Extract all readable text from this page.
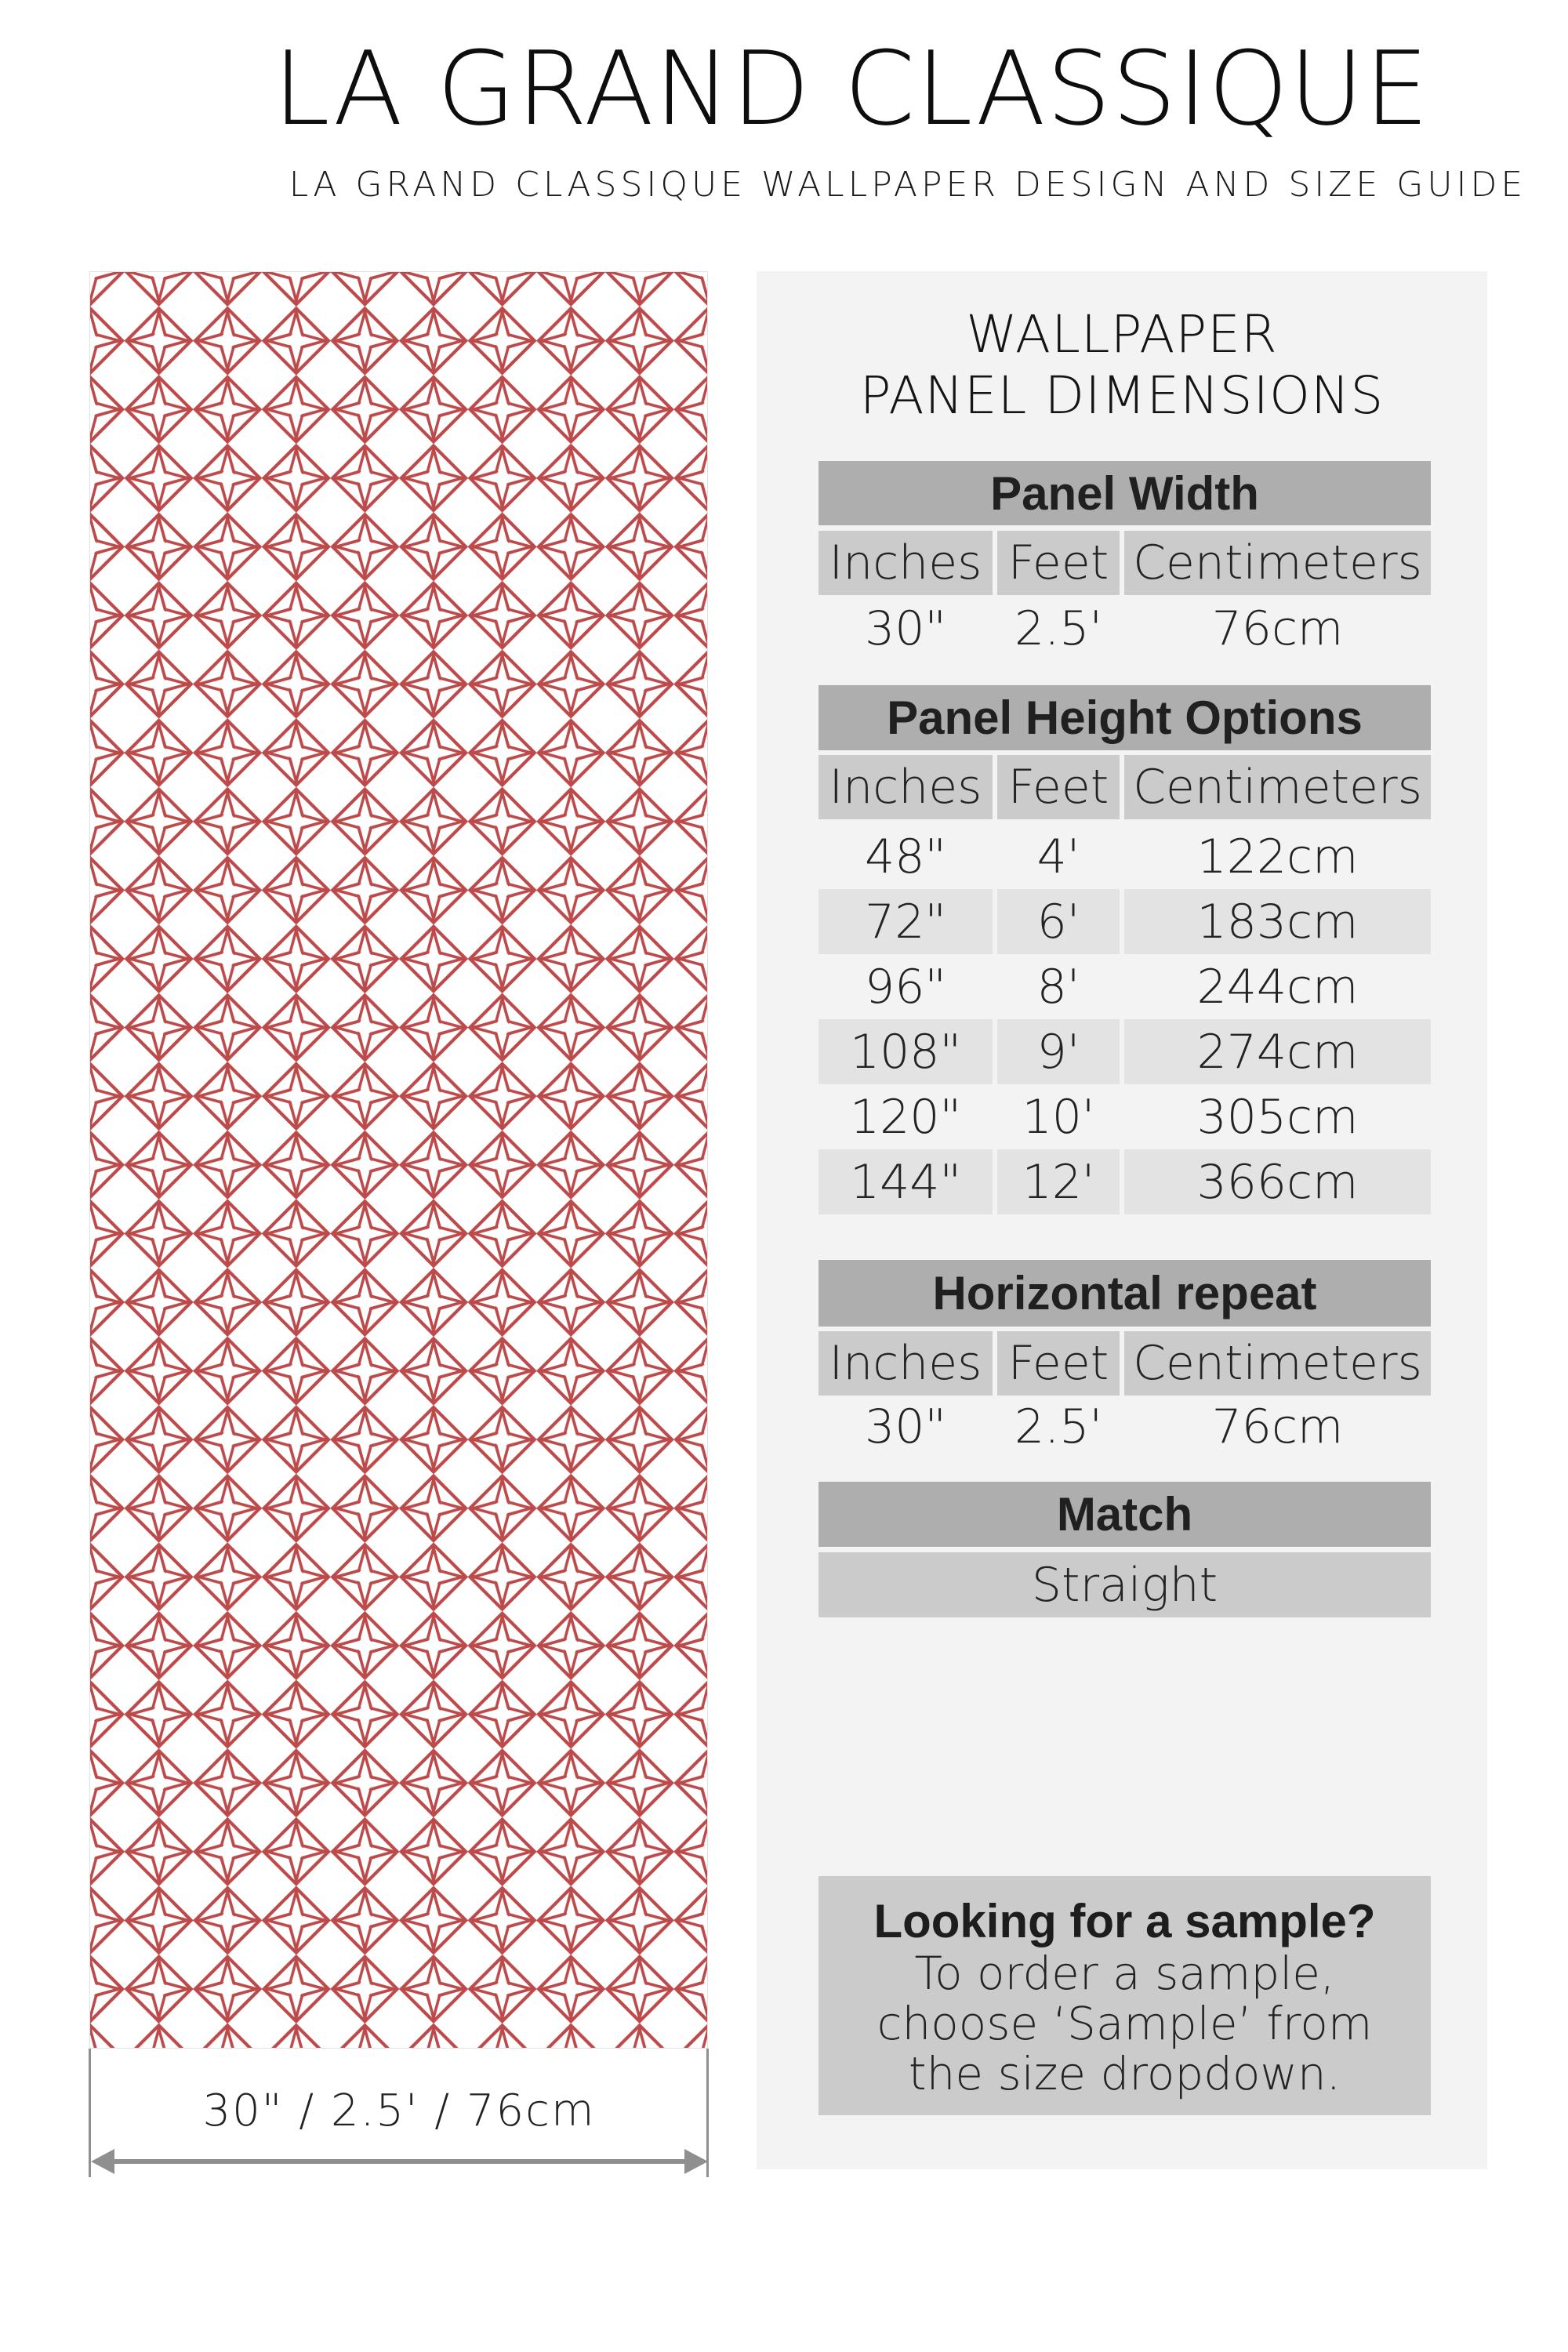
LA GRAND CLASSIQUE
LA GRAND CLASSIQUE WALLPAPER DESIGN AND SIZE GUIDE
30" / 2.5' / 76cm
WALLPAPER
PANEL DIMENSIONS
Panel Width
Inches Feet Centimeters
30"	2.5'	76cm
Panel Height Options
Inches Feet Centimeters
48"	4'	122cm
72"	6'	183cm
96"	8'	244cm
108"	9'	274cm
120"	10'	305cm
144"	12'	366cm
Horizontal repeat
Inches Feet Centimeters
30"	2.5'	76cm
Match
Straight
Looking for a sample?
To order a sample,
choose ‘Sample’ from
the size dropdown.
